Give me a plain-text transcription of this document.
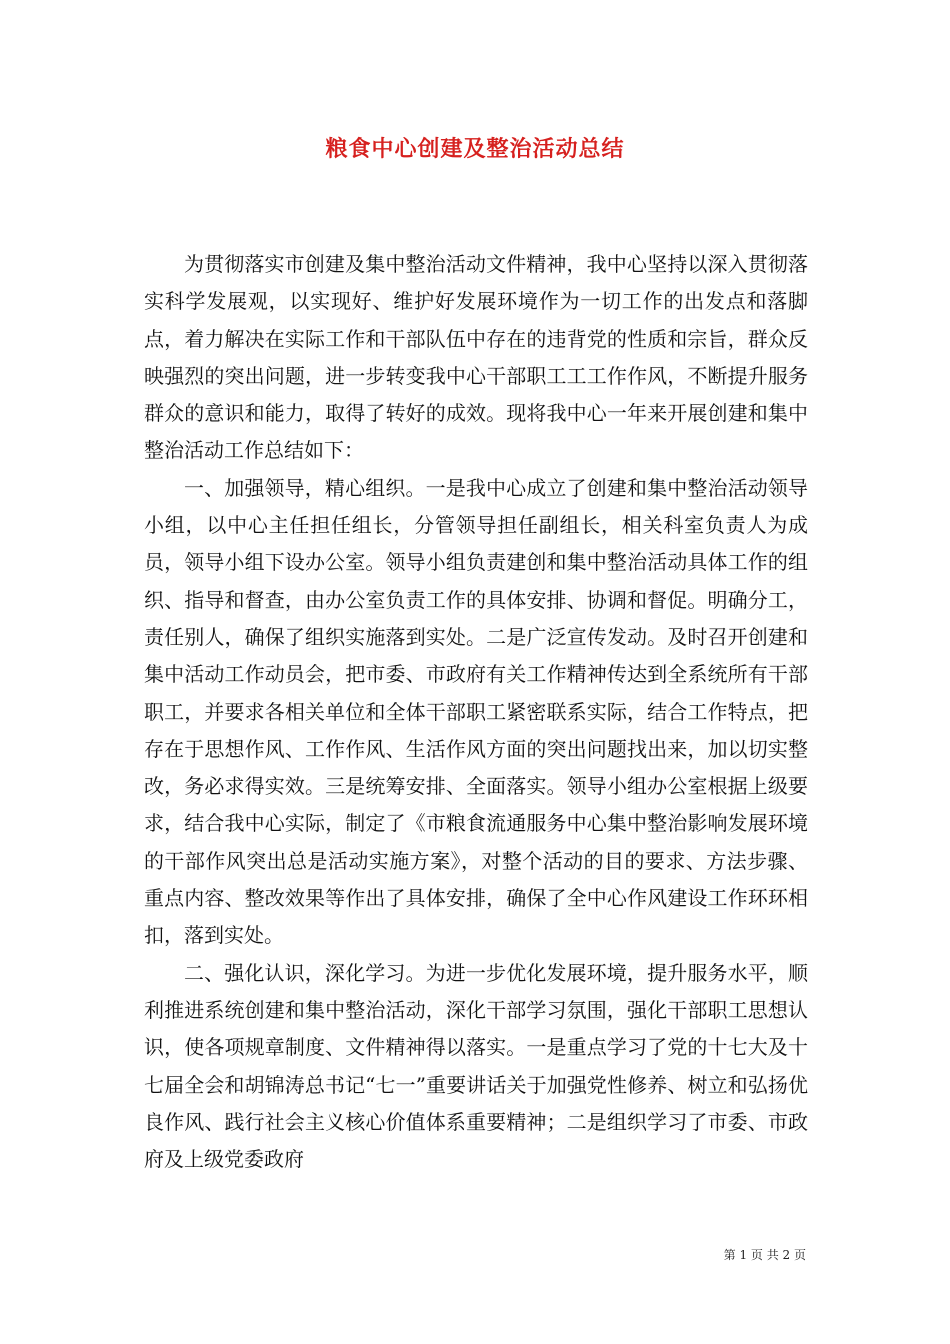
粮食中心创建及整治活动总结

为贯彻落实市创建及集中整治活动文件精神，我中心坚持以深入贯彻落实科学发展观，以实现好、维护好发展环境作为一切工作的出发点和落脚点，着力解决在实际工作和干部队伍中存在的违背党的性质和宗旨，群众反映强烈的突出问题，进一步转变我中心干部职工工工作作风，不断提升服务群众的意识和能力，取得了转好的成效。现将我中心一年来开展创建和集中整治活动工作总结如下：

一、加强领导，精心组织。一是我中心成立了创建和集中整治活动领导小组，以中心主任担任组长，分管领导担任副组长，相关科室负责人为成员，领导小组下设办公室。领导小组负责建创和集中整治活动具体工作的组织、指导和督查，由办公室负责工作的具体安排、协调和督促。明确分工，责任别人，确保了组织实施落到实处。二是广泛宣传发动。及时召开创建和集中活动工作动员会，把市委、市政府有关工作精神传达到全系统所有干部职工，并要求各相关单位和全体干部职工紧密联系实际，结合工作特点，把存在于思想作风、工作作风、生活作风方面的突出问题找出来，加以切实整改，务必求得实效。三是统筹安排、全面落实。领导小组办公室根据上级要求，结合我中心实际，制定了《市粮食流通服务中心集中整治影响发展环境的干部作风突出总是活动实施方案》，对整个活动的目的要求、方法步骤、重点内容、整改效果等作出了具体安排，确保了全中心作风建设工作环环相扣，落到实处。

二、强化认识，深化学习。为进一步优化发展环境，提升服务水平，顺利推进系统创建和集中整治活动，深化干部学习氛围，强化干部职工思想认识，使各项规章制度、文件精神得以落实。一是重点学习了党的十七大及十七届全会和胡锦涛总书记“七一”重要讲话关于加强党性修养、树立和弘扬优良作风、践行社会主义核心价值体系重要精神；二是组织学习了市委、市政府及上级党委政府

第 1 页 共 2 页
